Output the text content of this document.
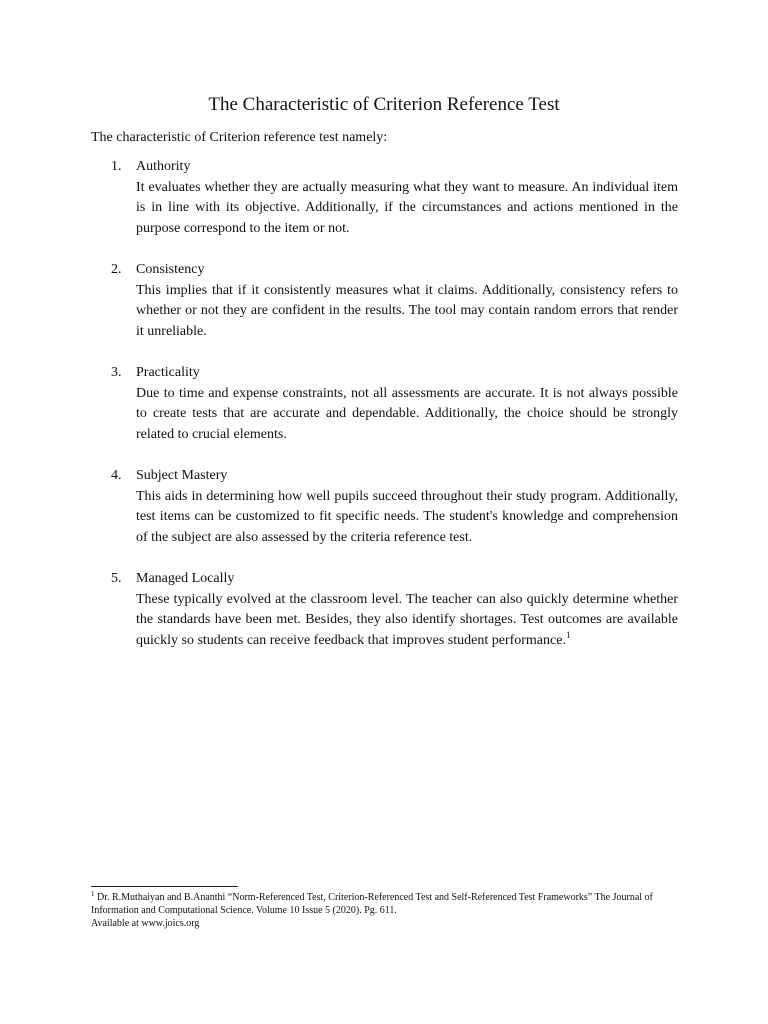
The Characteristic of Criterion Reference Test
The characteristic of Criterion reference test namely:
1.	Authority
It evaluates whether they are actually measuring what they want to measure. An individual item is in line with its objective. Additionally, if the circumstances and actions mentioned in the purpose correspond to the item or not.
2.	Consistency
This implies that if it consistently measures what it claims. Additionally, consistency refers to whether or not they are confident in the results. The tool may contain random errors that render it unreliable.
3.	Practicality
Due to time and expense constraints, not all assessments are accurate. It is not always possible to create tests that are accurate and dependable. Additionally, the choice should be strongly related to crucial elements.
4.	Subject Mastery
This aids in determining how well pupils succeed throughout their study program. Additionally, test items can be customized to fit specific needs. The student's knowledge and comprehension of the subject are also assessed by the criteria reference test.
5.	Managed Locally
These typically evolved at the classroom level. The teacher can also quickly determine whether the standards have been met. Besides, they also identify shortages. Test outcomes are available quickly so students can receive feedback that improves student performance.$^1$
$^1$ Dr. R.Muthaiyan and B.Ananthi “Norm-Referenced Test, Criterion-Referenced Test and Self-Referenced Test Frameworks” The Journal of
Information and Computational Science. Volume 10 Issue 5 (2020). Pg. 611.
Available at www.joics.org
